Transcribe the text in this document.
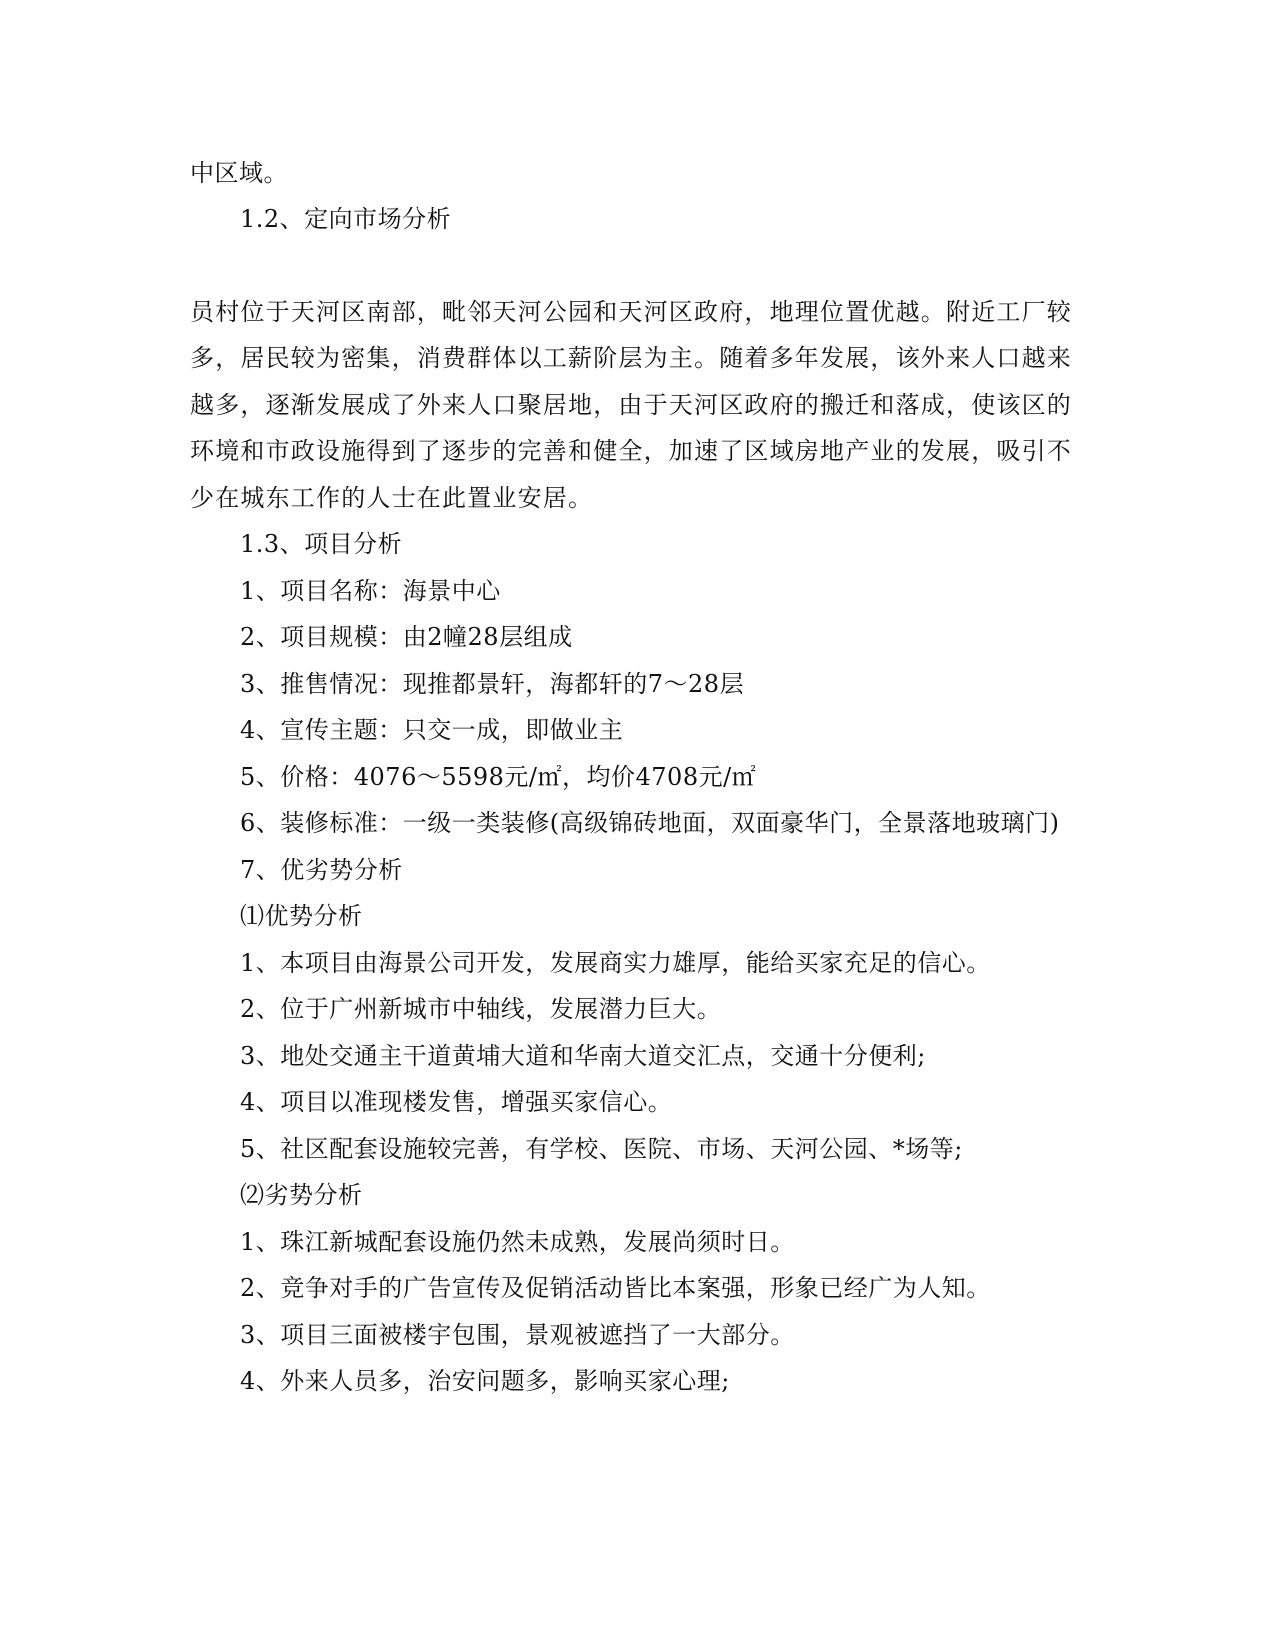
中区域。
1.2、定向市场分析
员村位于天河区南部，毗邻天河公园和天河区政府，地理位置优越。附近工厂较
多，居民较为密集，消费群体以工薪阶层为主。随着多年发展，该外来人口越来
越多，逐渐发展成了外来人口聚居地，由于天河区政府的搬迁和落成，使该区的
环境和市政设施得到了逐步的完善和健全，加速了区域房地产业的发展，吸引不
少在城东工作的人士在此置业安居。
1.3、项目分析
1、项目名称：海景中心
2、项目规模：由2幢28层组成
3、推售情况：现推都景轩，海都轩的7～28层
4、宣传主题：只交一成，即做业主
5、价格：4076～5598元/㎡，均价4708元/㎡
6、装修标准：一级一类装修(高级锦砖地面，双面豪华门，全景落地玻璃门)
7、优劣势分析
⑴优势分析
1、本项目由海景公司开发，发展商实力雄厚，能给买家充足的信心。
2、位于广州新城市中轴线，发展潜力巨大。
3、地处交通主干道黄埔大道和华南大道交汇点，交通十分便利;
4、项目以准现楼发售，增强买家信心。
5、社区配套设施较完善，有学校、医院、市场、天河公园、*场等;
⑵劣势分析
1、珠江新城配套设施仍然未成熟，发展尚须时日。
2、竞争对手的广告宣传及促销活动皆比本案强，形象已经广为人知。
3、项目三面被楼宇包围，景观被遮挡了一大部分。
4、外来人员多，治安问题多，影响买家心理;
